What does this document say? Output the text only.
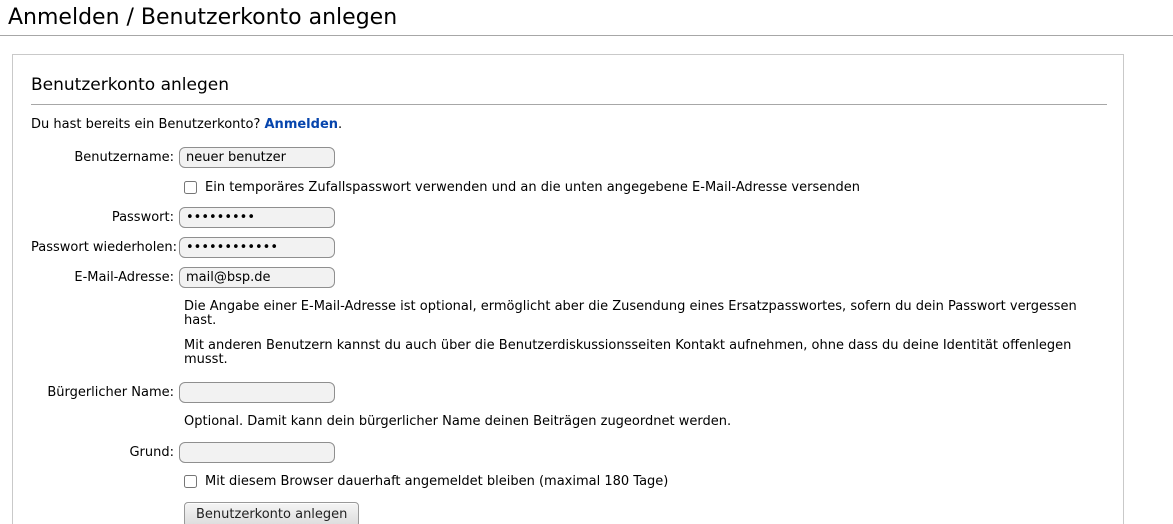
Anmelden / Benutzerkonto anlegen
Benutzerkonto anlegen
Du hast bereits ein Benutzerkonto? Anmelden.
Benutzername:
neuer benutzer
Ein temporäres Zufallspasswort verwenden und an die unten angegebene E-Mail-Adresse versenden
Passwort:
•••••••••
Passwort wiederholen:
••••••••••••
E-Mail-Adresse:
mail@bsp.de
Die Angabe einer E-Mail-Adresse ist optional, ermöglicht aber die Zusendung eines Ersatzpasswortes, sofern du dein Passwort vergessen hast.
Mit anderen Benutzern kannst du auch über die Benutzerdiskussionsseiten Kontakt aufnehmen, ohne dass du deine Identität offenlegen musst.
Bürgerlicher Name:
Optional. Damit kann dein bürgerlicher Name deinen Beiträgen zugeordnet werden.
Grund:
Mit diesem Browser dauerhaft angemeldet bleiben (maximal 180 Tage)
Benutzerkonto anlegen
